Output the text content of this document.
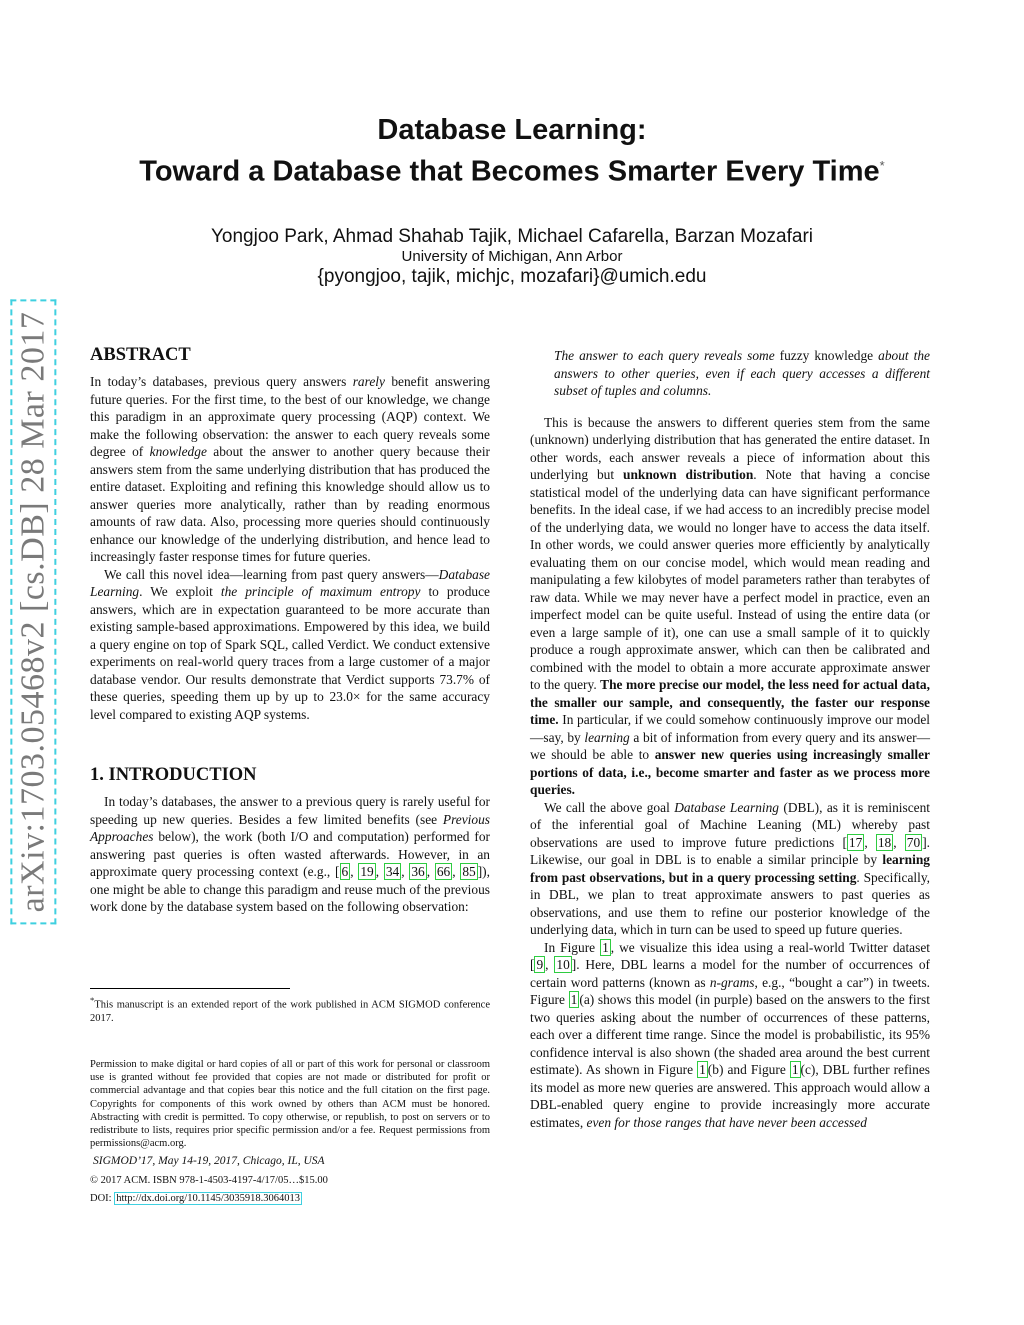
arXiv:1703.05468v2 [cs.DB] 28 Mar 2017
Database Learning:
Toward a Database that Becomes Smarter Every Time*
Yongjoo Park, Ahmad Shahab Tajik, Michael Cafarella, Barzan Mozafari
University of Michigan, Ann Arbor
{pyongjoo, tajik, michjc, mozafari}@umich.edu
ABSTRACT

In today’s databases, previous query answers rarely benefit answering future queries. For the first time, to the best of our knowledge, we change this paradigm in an approximate query processing (AQP) context. We make the following observation: the answer to each query reveals some degree of knowledge about the answer to another query because their answers stem from the same underlying distribution that has produced the entire dataset. Exploiting and refining this knowledge should allow us to answer queries more analytically, rather than by reading enormous amounts of raw data. Also, processing more queries should continuously enhance our knowledge of the underlying distribution, and hence lead to increasingly faster response times for future queries.

We call this novel idea—learning from past query answers—Database Learning. We exploit the principle of maximum entropy to produce answers, which are in expectation guaranteed to be more accurate than existing sample-based approximations. Empowered by this idea, we build a query engine on top of Spark SQL, called Verdict. We conduct extensive experiments on real-world query traces from a large customer of a major database vendor. Our results demonstrate that Verdict supports 73.7% of these queries, speeding them up by up to 23.0× for the same accuracy level compared to existing AQP systems.

1. INTRODUCTION

In today’s databases, the answer to a previous query is rarely useful for speeding up new queries. Besides a few limited benefits (see Previous Approaches below), the work (both I/O and computation) performed for answering past queries is often wasted afterwards. However, in an approximate query processing context (e.g., [ 6 , 19 , 34 , 36 , 66 , 85 ]), one might be able to change this paradigm and reuse much of the previous work done by the database system based on the following observation:

*This manuscript is an extended report of the work published in ACM SIGMOD conference 2017.
Permission to make digital or hard copies of all or part of this work for personal or classroom use is granted without fee provided that copies are not made or distributed for profit or commercial advantage and that copies bear this notice and the full citation on the first page. Copyrights for components of this work owned by others than ACM must be honored. Abstracting with credit is permitted. To copy otherwise, or republish, to post on servers or to redistribute to lists, requires prior specific permission and/or a fee. Request permissions from permissions@acm.org.
SIGMOD’17, May 14-19, 2017, Chicago, IL, USA
© 2017 ACM. ISBN 978-1-4503-4197-4/17/05…$15.00
DOI: http://dx.doi.org/10.1145/3035918.3064013

The answer to each query reveals some fuzzy knowledge about the answers to other queries, even if each query accesses a different subset of tuples and columns.

This is because the answers to different queries stem from the same (unknown) underlying distribution that has generated the entire dataset. In other words, each answer reveals a piece of information about this underlying but unknown distribution. Note that having a concise statistical model of the underlying data can have significant performance benefits. In the ideal case, if we had access to an incredibly precise model of the underlying data, we would no longer have to access the data itself. In other words, we could answer queries more efficiently by analytically evaluating them on our concise model, which would mean reading and manipulating a few kilobytes of model parameters rather than terabytes of raw data. While we may never have a perfect model in practice, even an imperfect model can be quite useful. Instead of using the entire data (or even a large sample of it), one can use a small sample of it to quickly produce a rough approximate answer, which can then be calibrated and combined with the model to obtain a more accurate approximate answer to the query. The more precise our model, the less need for actual data, the smaller our sample, and consequently, the faster our response time. In particular, if we could somehow continuously improve our model—say, by learning a bit of information from every query and its answer—we should be able to answer new queries using increasingly smaller portions of data, i.e., become smarter and faster as we process more queries.

We call the above goal Database Learning (DBL), as it is reminiscent of the inferential goal of Machine Leaning (ML) whereby past observations are used to improve future predictions [ 17 , 18 , 70 ]. Likewise, our goal in DBL is to enable a similar principle by learning from past observations, but in a query processing setting. Specifically, in DBL, we plan to treat approximate answers to past queries as observations, and use them to refine our posterior knowledge of the underlying data, which in turn can be used to speed up future queries.

In Figure 1 , we visualize this idea using a real-world Twitter dataset [ 9 , 10 ]. Here, DBL learns a model for the number of occurrences of certain word patterns (known as n-grams, e.g., “bought a car”) in tweets. Figure 1 (a) shows this model (in purple) based on the answers to the first two queries asking about the number of occurrences of these patterns, each over a different time range. Since the model is probabilistic, its 95% confidence interval is also shown (the shaded area around the best current estimate). As shown in Figure 1 (b) and Figure 1 (c), DBL further refines its model as more new queries are answered. This approach would allow a DBL-enabled query engine to provide increasingly more accurate estimates, even for those ranges that have never been accessed
